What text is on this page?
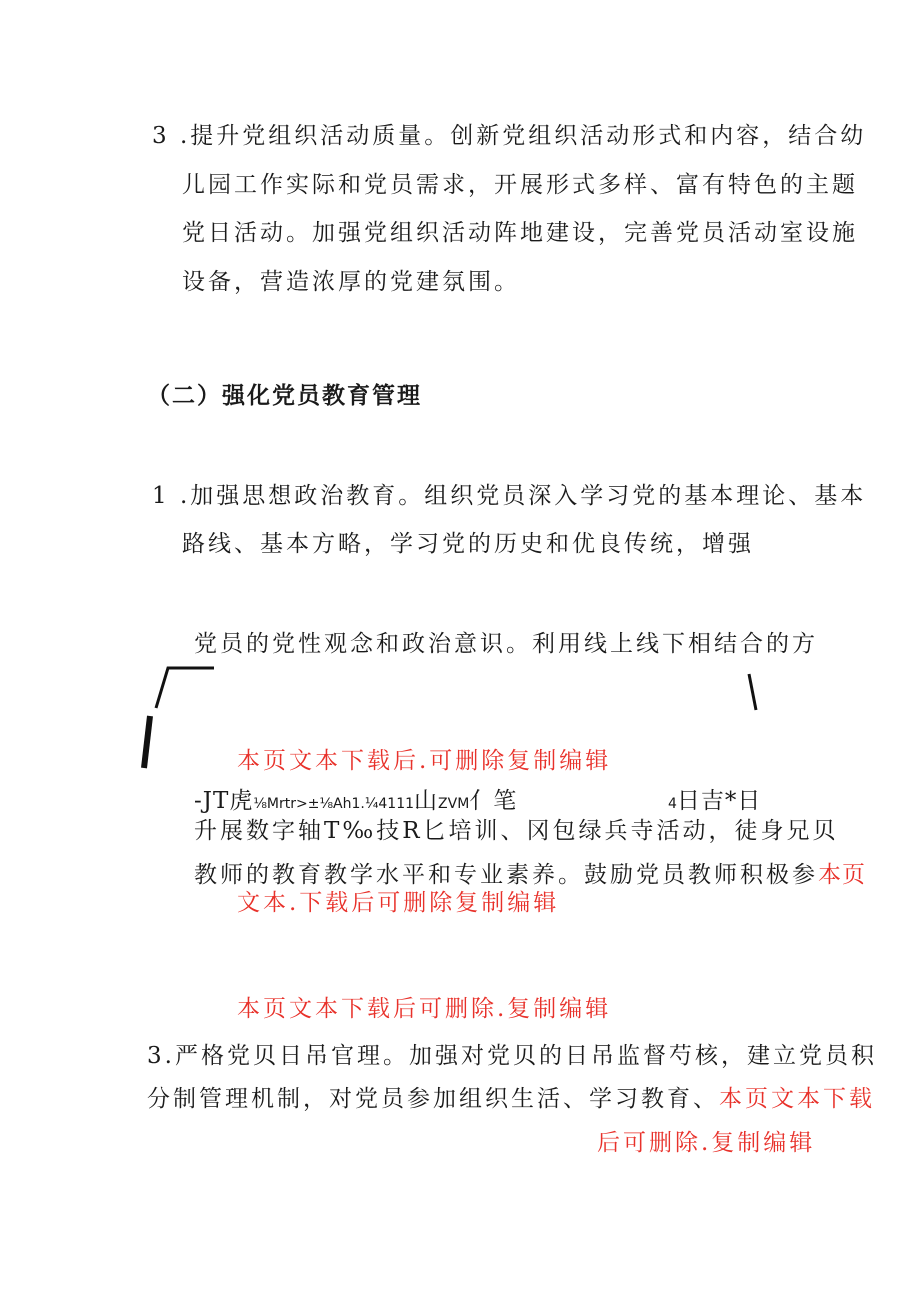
3 .提升党组织活动质量。创新党组织活动形式和内容，结合幼
儿园工作实际和党员需求，开展形式多样、富有特色的主题
党日活动。加强党组织活动阵地建设，完善党员活动室设施
设备，营造浓厚的党建氛围。
（二）强化党员教育管理
1 .加强思想政治教育。组织党员深入学习党的基本理论、基本
路线、基本方略，学习党的历史和优良传统，增强
党员的党性观念和政治意识。利用线上线下相结合的方
本页文本下载后.可删除复制编辑
-JT虎⅛Mrtr>±⅛Ah1.¼4111山ZVM亻笔	4日吉*日
升展数字轴T‰技R匕培训、冈包绿兵寺活动，徒身兄贝
教师的教育教学水平和专业素养。鼓励党员教师积极参本页
文本.下载后可删除复制编辑
本页文本下载后可删除.复制编辑
3.严格党贝日吊官理。加强对党贝的日吊监督芍核，建立党员积
分制管理机制，对党员参加组织生活、学习教育、本页文本下载
后可删除.复制编辑
